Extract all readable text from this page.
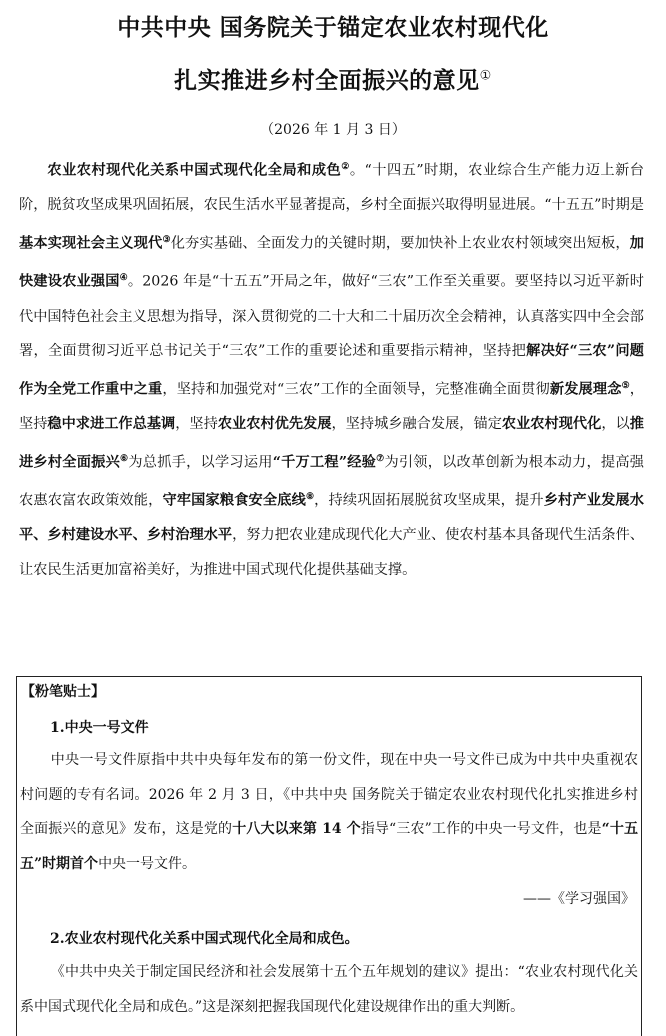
中共中央 国务院关于锚定农业农村现代化
扎实推进乡村全面振兴的意见①
（2026 年 1 月 3 日）
农业农村现代化关系中国式现代化全局和成色②。“十四五”时期，农业综合生产能力迈上新台阶，脱贫攻坚成果巩固拓展，农民生活水平显著提高，乡村全面振兴取得明显进展。“十五五”时期是基本实现社会主义现代③化夯实基础、全面发力的关键时期，要加快补上农业农村领域突出短板，加快建设农业强国④。2026 年是“十五五”开局之年，做好“三农”工作至关重要。要坚持以习近平新时代中国特色社会主义思想为指导，深入贯彻党的二十大和二十届历次全会精神，认真落实四中全会部署，全面贯彻习近平总书记关于“三农”工作的重要论述和重要指示精神，坚持把解决好“三农”问题作为全党工作重中之重，坚持和加强党对“三农”工作的全面领导，完整准确全面贯彻新发展理念⑤，坚持稳中求进工作总基调，坚持农业农村优先发展，坚持城乡融合发展，锚定农业农村现代化，以推进乡村全面振兴⑥为总抓手，以学习运用“千万工程”经验⑦为引领，以改革创新为根本动力，提高强农惠农富农政策效能，守牢国家粮食安全底线⑧，持续巩固拓展脱贫攻坚成果，提升乡村产业发展水平、乡村建设水平、乡村治理水平，努力把农业建成现代化大产业、使农村基本具备现代生活条件、让农民生活更加富裕美好，为推进中国式现代化提供基础支撑。
【粉笔贴士】
1.中央一号文件
中央一号文件原指中共中央每年发布的第一份文件，现在中央一号文件已成为中共中央重视农村问题的专有名词。2026 年 2 月 3 日，《中共中央 国务院关于锚定农业农村现代化扎实推进乡村全面振兴的意见》发布，这是党的十八大以来第 14 个指导“三农”工作的中央一号文件，也是“十五五”时期首个中央一号文件。
——《学习强国》
2.农业农村现代化关系中国式现代化全局和成色。
《中共中央关于制定国民经济和社会发展第十五个五年规划的建议》提出：“农业农村现代化关系中国式现代化全局和成色。”这是深刻把握我国现代化建设规律作出的重大判断。
